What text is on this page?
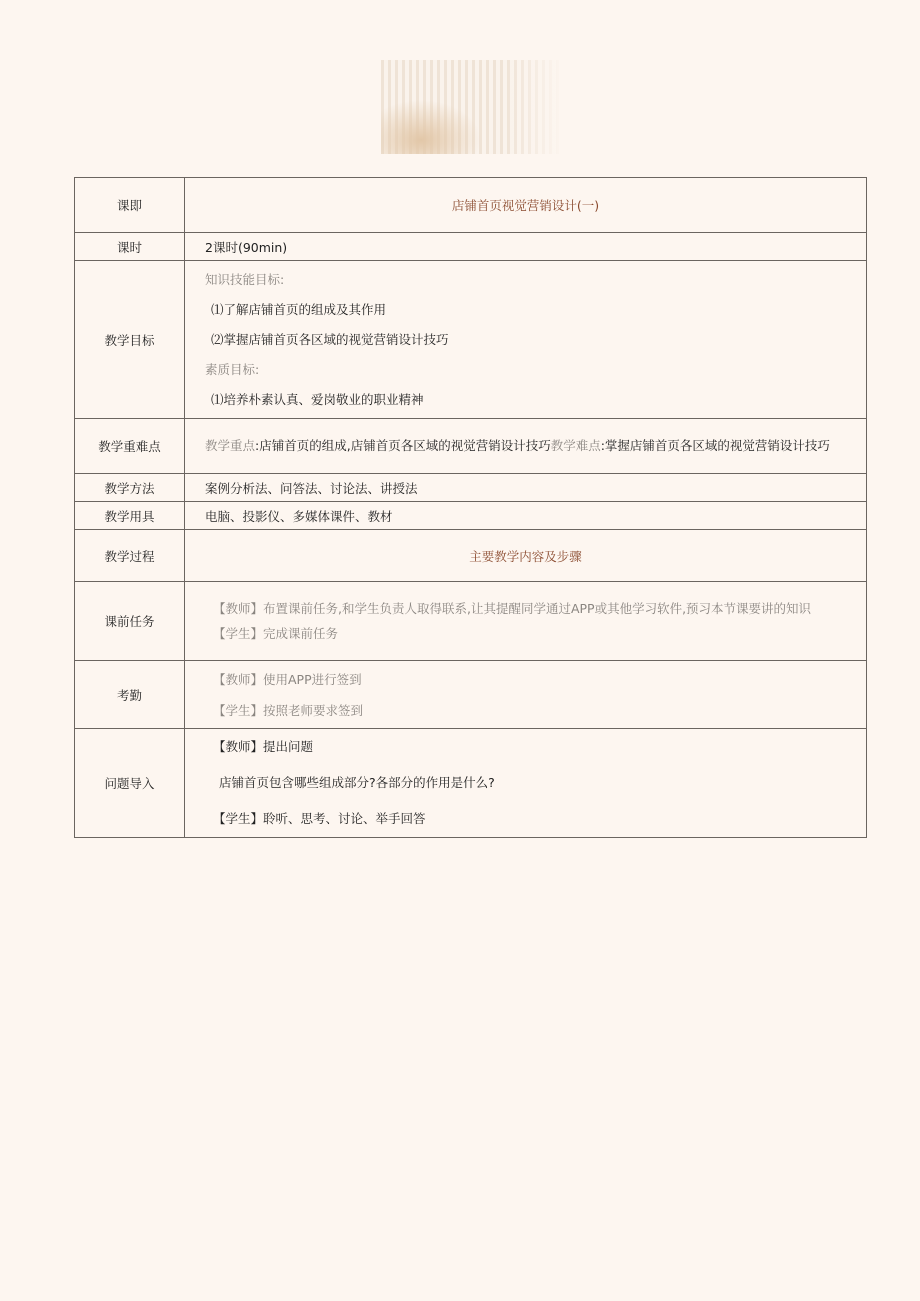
课即	店铺首页视觉营销设计(一)
课时	2课时(90min)
教学目标	知识技能目标:
⑴了解店铺首页的组成及其作用
⑵掌握店铺首页各区域的视觉营销设计技巧
素质目标:
⑴培养朴素认真、爱岗敬业的职业精神

教学重难点	教学重点:店铺首页的组成,店铺首页各区域的视觉营销设计技巧教学难点:掌握店铺首页各区域的视觉营销设计技巧
教学方法	案例分析法、问答法、讨论法、讲授法
教学用具	电脑、投影仪、多媒体课件、教材
教学过程	主要教学内容及步骤
课前任务	【教师】布置课前任务,和学生负责人取得联系,让其提醒同学通过APP或其他学习软件,预习本节课要讲的知识
【学生】完成课前任务

考勤	【教师】使用APP进行签到
【学生】按照老师要求签到

问题导入	【教师】提出问题
店铺首页包含哪些组成部分?各部分的作用是什么?
【学生】聆听、思考、讨论、举手回答
